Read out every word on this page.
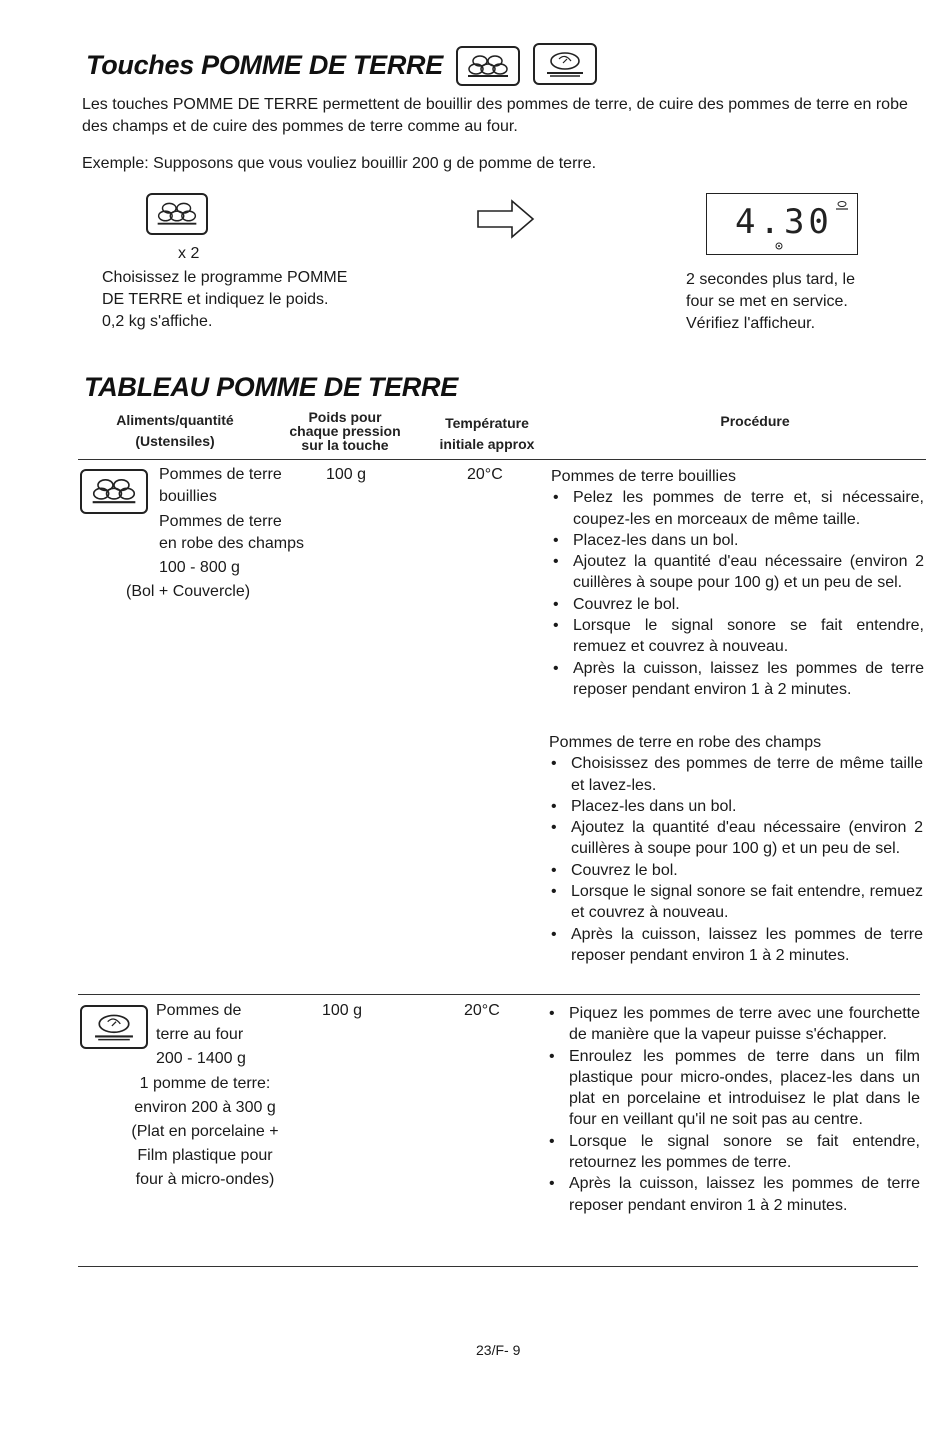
Touches POMME DE TERRE
Les touches POMME DE TERRE permettent de bouillir des pommes de terre, de cuire des pommes de terre en robe des champs et de cuire des pommes de terre comme au four.
Exemple: Supposons que vous vouliez bouillir 200 g de pomme de terre.
x 2
Choisissez le programme POMME
DE TERRE et indiquez le poids.
0,2 kg s'affiche.
4.30
2 secondes plus tard, le
four se met en service.
Vérifiez l'afficheur.
TABLEAU POMME DE TERRE
Aliments/quantité
(Ustensiles)
Poids pour
chaque pression
sur la touche
Température
initiale approx
Procédure
Pommes de terre
bouillies
Pommes de terre
en robe des champs
100 - 800 g
(Bol + Couvercle)
100 g	20°C	Pommes de terre bouillies
• Pelez les pommes de terre et, si nécessaire, coupez-les en morceaux de même taille.
• Placez-les dans un bol.
• Ajoutez la quantité d'eau nécessaire (environ 2 cuillères à soupe pour 100 g) et un peu de sel.
• Couvrez le bol.
• Lorsque le signal sonore se fait entendre, remuez et couvrez à nouveau.
• Après la cuisson, laissez les pommes de terre reposer pendant environ 1 à 2 minutes.
Pommes de terre en robe des champs
• Choisissez des pommes de terre de même taille et lavez-les.
• Placez-les dans un bol.
• Ajoutez la quantité d'eau nécessaire (environ 2 cuillères à soupe pour 100 g) et un peu de sel.
• Couvrez le bol.
• Lorsque le signal sonore se fait entendre, remuez et couvrez à nouveau.
• Après la cuisson, laissez les pommes de terre reposer pendant environ 1 à 2 minutes.
Pommes de
terre au four
200 - 1400 g
1 pomme de terre:
environ 200 à 300 g
(Plat en porcelaine +
Film plastique pour
four à micro-ondes)
100 g	20°C
•	Piquez les pommes de terre avec une fourchette de manière que la vapeur puisse s'échapper.
• Enroulez les pommes de terre dans un film plastique pour micro-ondes, placez-les dans un plat en porcelaine et introduisez le plat dans le four en veillant qu'il ne soit pas au centre.
• Lorsque le signal sonore se fait entendre, retournez les pommes de terre.
• Après la cuisson, laissez les pommes de terre reposer pendant environ 1 à 2 minutes.
23/F- 9
